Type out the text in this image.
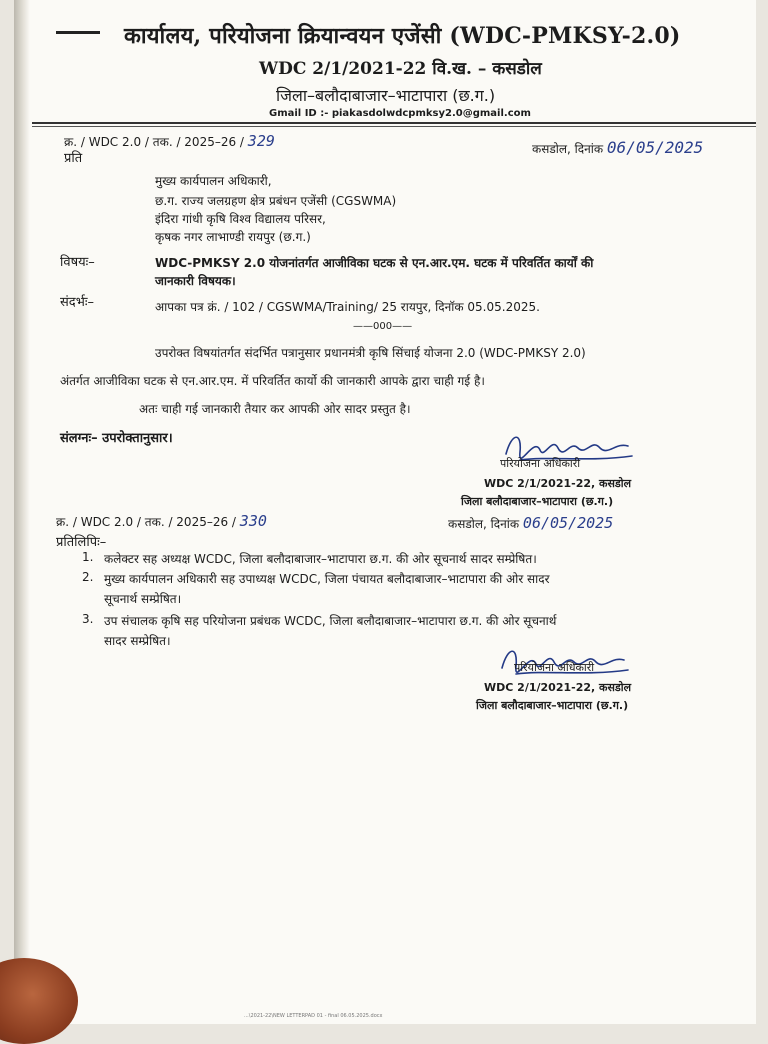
कार्यालय, परियोजना क्रियान्वयन एजेंसी (WDC-PMKSY-2.0)
WDC 2/1/2021-22 वि.ख. – कसडोल
जिला–बलौदाबाजार–भाटापारा (छ.ग.)
Gmail ID :- piakasdolwdcpmksy2.0@gmail.com
क्र. / WDC 2.0 / तक. / 2025–26 / 329	कसडोल, दिनांक 06/05/2025
प्रति
मुख्य कार्यपालन अधिकारी,
छ.ग. राज्य जलग्रहण क्षेत्र प्रबंधन एजेंसी (CGSWMA)
इंदिरा गांधी कृषि विश्व विद्यालय परिसर,
कृषक नगर लाभाण्डी रायपुर (छ.ग.)
विषयः–	WDC-PMKSY 2.0 योजनांतर्गत आजीविका घटक से एन.आर.एम. घटक में परिवर्तित कार्यों की
जानकारी विषयक।
संदर्भः–	आपका पत्र क्रं. / 102 / CGSWMA/Training/ 25 रायपुर, दिनॉक 05.05.2025.
——000——
उपरोक्त विषयांतर्गत संदर्भित पत्रानुसार प्रधानमंत्री कृषि सिंचाई योजना 2.0 (WDC-PMKSY 2.0)
अंतर्गत आजीविका घटक से एन.आर.एम. में परिवर्तित कार्यो की जानकारी आपके द्वारा चाही गई है।
अतः चाही गई जानकारी तैयार कर आपकी ओर सादर प्रस्तुत है।
संलग्नः– उपरोक्तानुसार।
परियोजना अधिकारी
WDC 2/1/2021-22, कसडोल
जिला बलौदाबाजार–भाटापारा (छ.ग.)
क्र. / WDC 2.0 / तक. / 2025–26 / 330	कसडोल, दिनांक 06/05/2025
प्रतिलिपिः–
1. कलेक्टर सह अध्यक्ष WCDC, जिला बलौदाबाजार–भाटापारा छ.ग. की ओर सूचनार्थ सादर सम्प्रेषित।
2. मुख्य कार्यपालन अधिकारी सह उपाध्यक्ष WCDC, जिला पंचायत बलौदाबाजार–भाटापारा की ओर सादर
सूचनार्थ सम्प्रेषित।
3. उप संचालक कृषि सह परियोजना प्रबंधक WCDC, जिला बलौदाबाजार–भाटापारा छ.ग. की ओर सूचनार्थ
सादर सम्प्रेषित।
परियोजना अधिकारी
WDC 2/1/2021-22, कसडोल
जिला बलौदाबाजार–भाटापारा (छ.ग.)
...\2021-22\NEW LETTERPAD 01 - final 06.05.2025.docx
